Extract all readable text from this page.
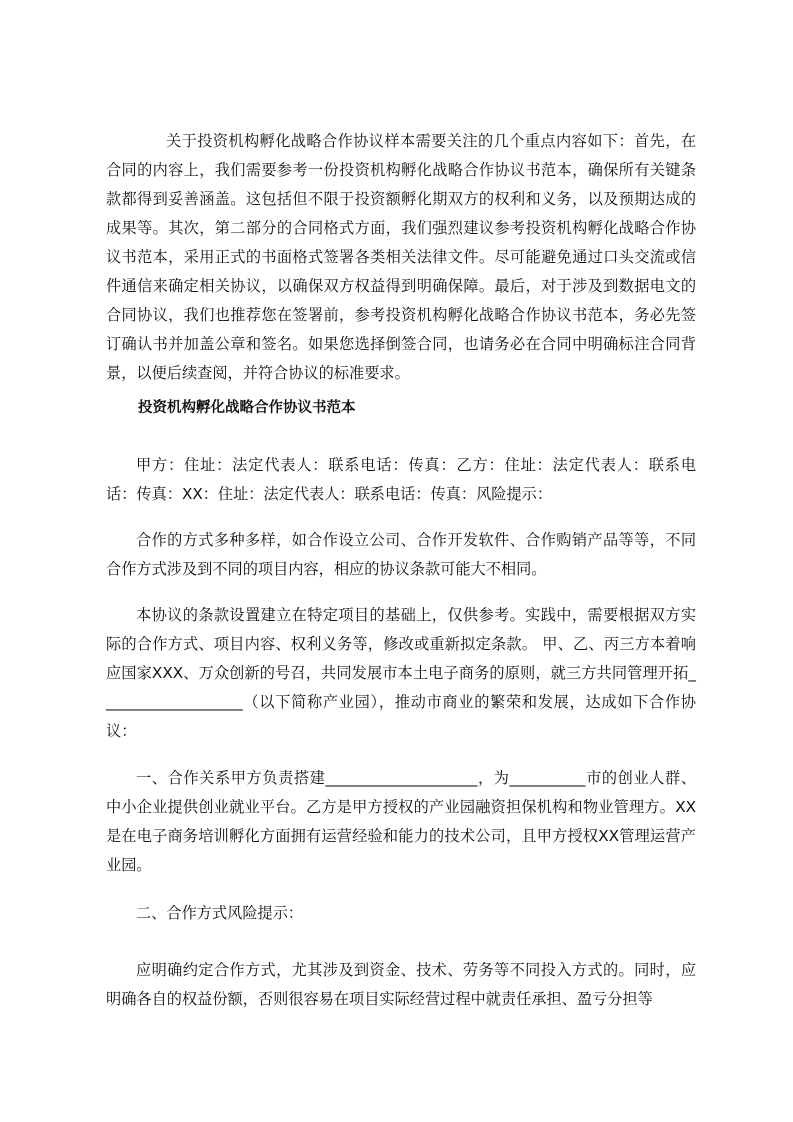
关于投资机构孵化战略合作协议样本需要关注的几个重点内容如下：首先，在合同的内容上，我们需要参考一份投资机构孵化战略合作协议书范本，确保所有关键条款都得到妥善涵盖。这包括但不限于投资额孵化期双方的权利和义务，以及预期达成的成果等。其次，第二部分的合同格式方面，我们强烈建议参考投资机构孵化战略合作协议书范本，采用正式的书面格式签署各类相关法律文件。尽可能避免通过口头交流或信件通信来确定相关协议，以确保双方权益得到明确保障。最后，对于涉及到数据电文的合同协议，我们也推荐您在签署前，参考投资机构孵化战略合作协议书范本，务必先签订确认书并加盖公章和签名。如果您选择倒签合同，也请务必在合同中明确标注合同背景，以便后续查阅，并符合协议的标准要求。

投资机构孵化战略合作协议书范本

甲方：住址：法定代表人：联系电话：传真：乙方：住址：法定代表人：联系电话：传真：XX：住址：法定代表人：联系电话：传真：风险提示：

合作的方式多种多样，如合作设立公司、合作开发软件、合作购销产品等等，不同合作方式涉及到不同的项目内容，相应的协议条款可能大不相同。

本协议的条款设置建立在特定项目的基础上，仅供参考。实践中，需要根据双方实际的合作方式、项目内容、权利义务等，修改或重新拟定条款。 甲、乙、丙三方本着响应国家XXX、万众创新的号召，共同发展市本土电子商务的原则，就三方共同管理开拓___________________（以下简称产业园），推动市商业的繁荣和发展，达成如下合作协议：

一、合作关系甲方负责搭建____________________，为__________市的创业人群、中小企业提供创业就业平台。乙方是甲方授权的产业园融资担保机构和物业管理方。XX是在电子商务培训孵化方面拥有运营经验和能力的技术公司，且甲方授权XX管理运营产业园。

二、合作方式风险提示：

应明确约定合作方式，尤其涉及到资金、技术、劳务等不同投入方式的。同时，应明确各自的权益份额，否则很容易在项目实际经营过程中就责任承担、盈亏分担等
